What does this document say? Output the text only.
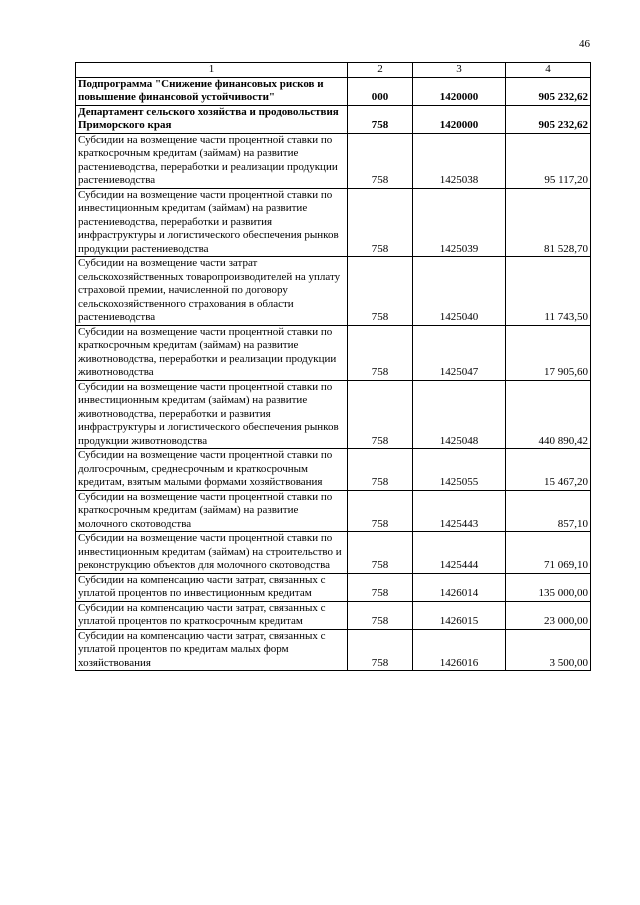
46
1	2	3	4
Подпрограмма "Снижение финансовых рисков и повышение финансовой устойчивости"	000	1420000	905 232,62
Департамент сельского хозяйства и продовольствия Приморского края	758	1420000	905 232,62
Субсидии на возмещение части процентной ставки по краткосрочным кредитам (займам) на развитие растениеводства, переработки и реализации продукции растениеводства	758	1425038	95 117,20
Субсидии на возмещение части процентной ставки по инвестиционным кредитам (займам) на развитие растениеводства, переработки и развития инфраструктуры и логистического обеспечения рынков продукции растениеводства	758	1425039	81 528,70
Субсидии на возмещение части затрат сельскохозяйственных товаропроизводителей на уплату страховой премии, начисленной по договору сельскохозяйственного страхования в области растениеводства	758	1425040	11 743,50
Субсидии на возмещение части процентной ставки по краткосрочным кредитам (займам) на развитие животноводства, переработки и реализации продукции животноводства	758	1425047	17 905,60
Субсидии на возмещение части процентной ставки по инвестиционным кредитам (займам) на развитие животноводства, переработки и развития инфраструктуры и логистического обеспечения рынков продукции животноводства	758	1425048	440 890,42
Субсидии на возмещение части процентной ставки по долгосрочным, среднесрочным и краткосрочным кредитам, взятым малыми формами хозяйствования	758	1425055	15 467,20
Субсидии на возмещение части процентной ставки по краткосрочным кредитам (займам) на развитие молочного скотоводства	758	1425443	857,10
Субсидии на возмещение части процентной ставки по инвестиционным кредитам (займам) на строительство и реконструкцию объектов для молочного скотоводства	758	1425444	71 069,10
Субсидии на компенсацию части затрат, связанных с уплатой процентов по инвестиционным кредитам	758	1426014	135 000,00
Субсидии на компенсацию части затрат, связанных с уплатой процентов по краткосрочным кредитам	758	1426015	23 000,00
Субсидии на компенсацию части затрат, связанных с уплатой процентов по кредитам малых форм хозяйствования	758	1426016	3 500,00
